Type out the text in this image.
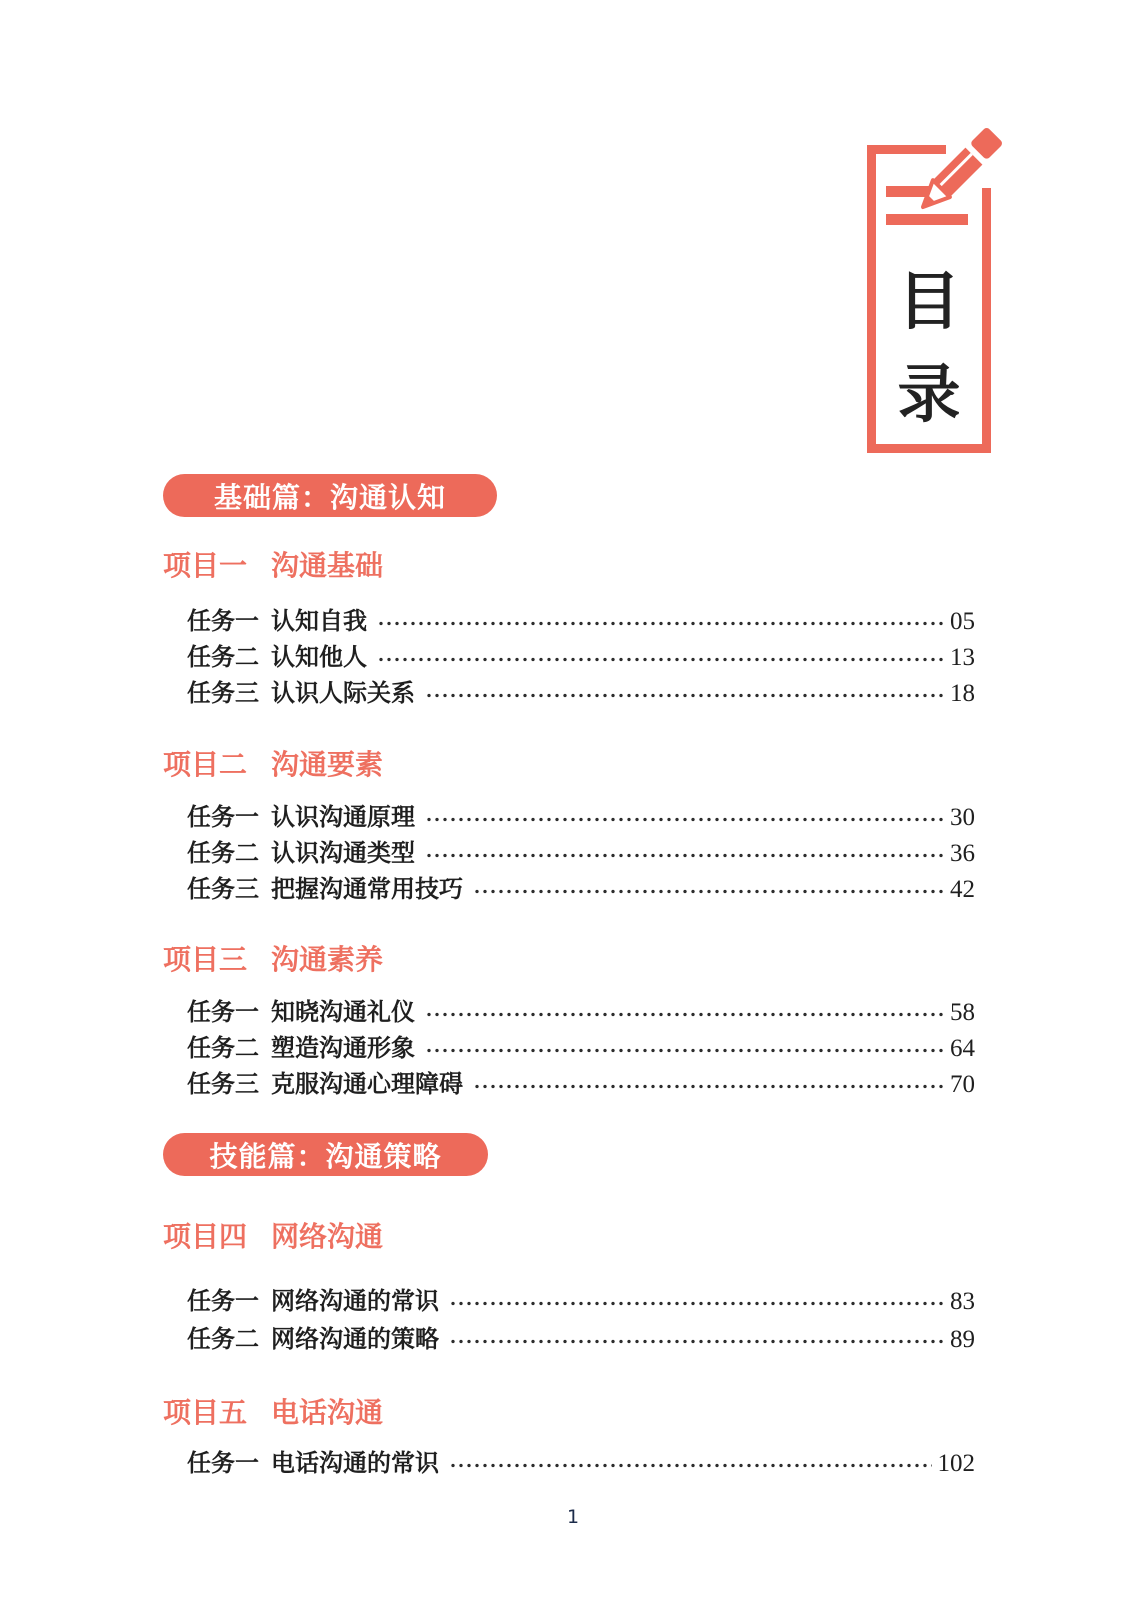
目
录
基础篇：沟通认知
项目一 沟通基础
任务一 认知自我	05
任务二 认知他人	13
任务三 认识人际关系	18
项目二 沟通要素
任务一 认识沟通原理	30
任务二 认识沟通类型	36
任务三 把握沟通常用技巧	42
项目三 沟通素养
任务一 知晓沟通礼仪	58
任务二 塑造沟通形象	64
任务三 克服沟通心理障碍	70
技能篇：沟通策略
项目四 网络沟通
任务一 网络沟通的常识	83
任务二 网络沟通的策略	89
项目五 电话沟通
任务一 电话沟通的常识	102
1
